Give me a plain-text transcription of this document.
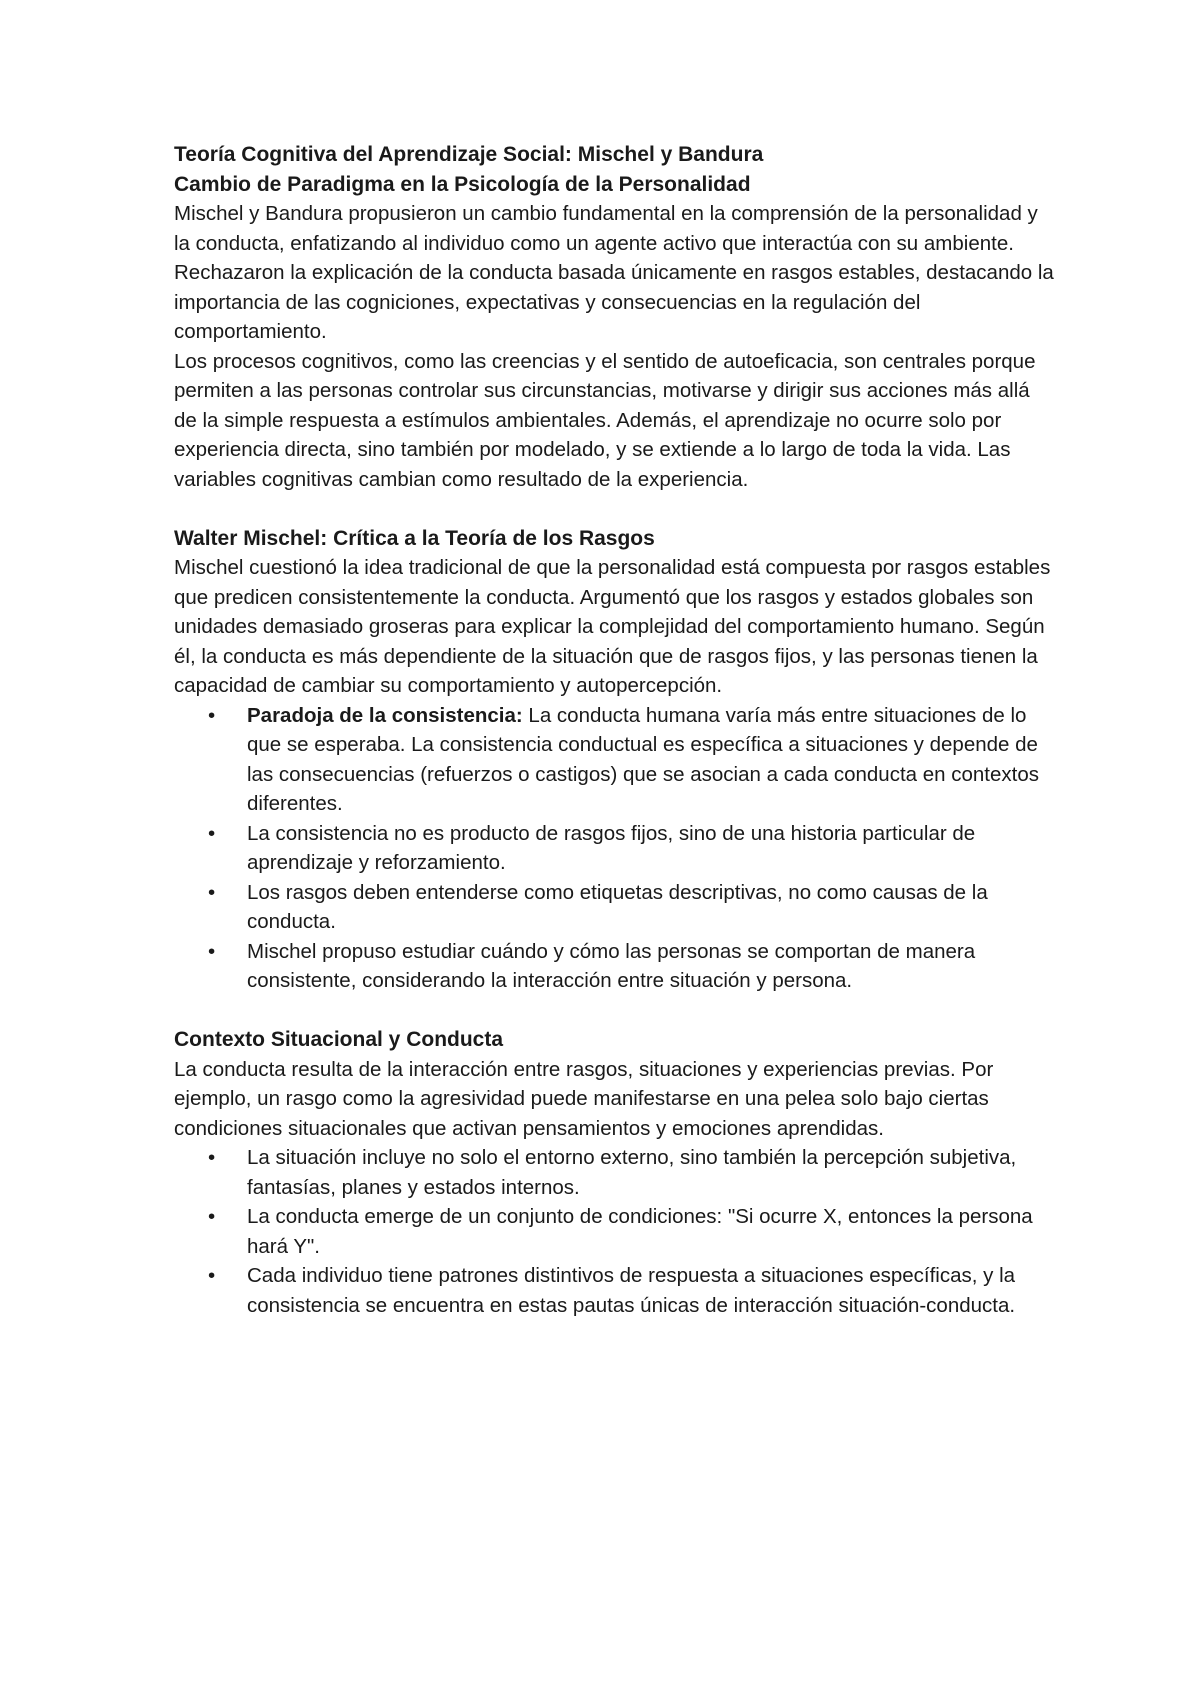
Teoría Cognitiva del Aprendizaje Social: Mischel y Bandura
Cambio de Paradigma en la Psicología de la Personalidad

Mischel y Bandura propusieron un cambio fundamental en la comprensión de la personalidad y la conducta, enfatizando al individuo como un agente activo que interactúa con su ambiente. Rechazaron la explicación de la conducta basada únicamente en rasgos estables, destacando la importancia de las cogniciones, expectativas y consecuencias en la regulación del comportamiento.

Los procesos cognitivos, como las creencias y el sentido de autoeficacia, son centrales porque permiten a las personas controlar sus circunstancias, motivarse y dirigir sus acciones más allá de la simple respuesta a estímulos ambientales. Además, el aprendizaje no ocurre solo por experiencia directa, sino también por modelado, y se extiende a lo largo de toda la vida. Las variables cognitivas cambian como resultado de la experiencia.

Walter Mischel: Crítica a la Teoría de los Rasgos

Mischel cuestionó la idea tradicional de que la personalidad está compuesta por rasgos estables que predicen consistentemente la conducta. Argumentó que los rasgos y estados globales son unidades demasiado groseras para explicar la complejidad del comportamiento humano. Según él, la conducta es más dependiente de la situación que de rasgos fijos, y las personas tienen la capacidad de cambiar su comportamiento y autopercepción.

• Paradoja de la consistencia: La conducta humana varía más entre situaciones de lo que se esperaba. La consistencia conductual es específica a situaciones y depende de las consecuencias (refuerzos o castigos) que se asocian a cada conducta en contextos diferentes.
• La consistencia no es producto de rasgos fijos, sino de una historia particular de aprendizaje y reforzamiento.
• Los rasgos deben entenderse como etiquetas descriptivas, no como causas de la conducta.
• Mischel propuso estudiar cuándo y cómo las personas se comportan de manera consistente, considerando la interacción entre situación y persona.
Contexto Situacional y Conducta

La conducta resulta de la interacción entre rasgos, situaciones y experiencias previas. Por ejemplo, un rasgo como la agresividad puede manifestarse en una pelea solo bajo ciertas condiciones situacionales que activan pensamientos y emociones aprendidas.

• La situación incluye no solo el entorno externo, sino también la percepción subjetiva, fantasías, planes y estados internos.
• La conducta emerge de un conjunto de condiciones: "Si ocurre X, entonces la persona hará Y".
• Cada individuo tiene patrones distintivos de respuesta a situaciones específicas, y la consistencia se encuentra en estas pautas únicas de interacción situación-conducta.
